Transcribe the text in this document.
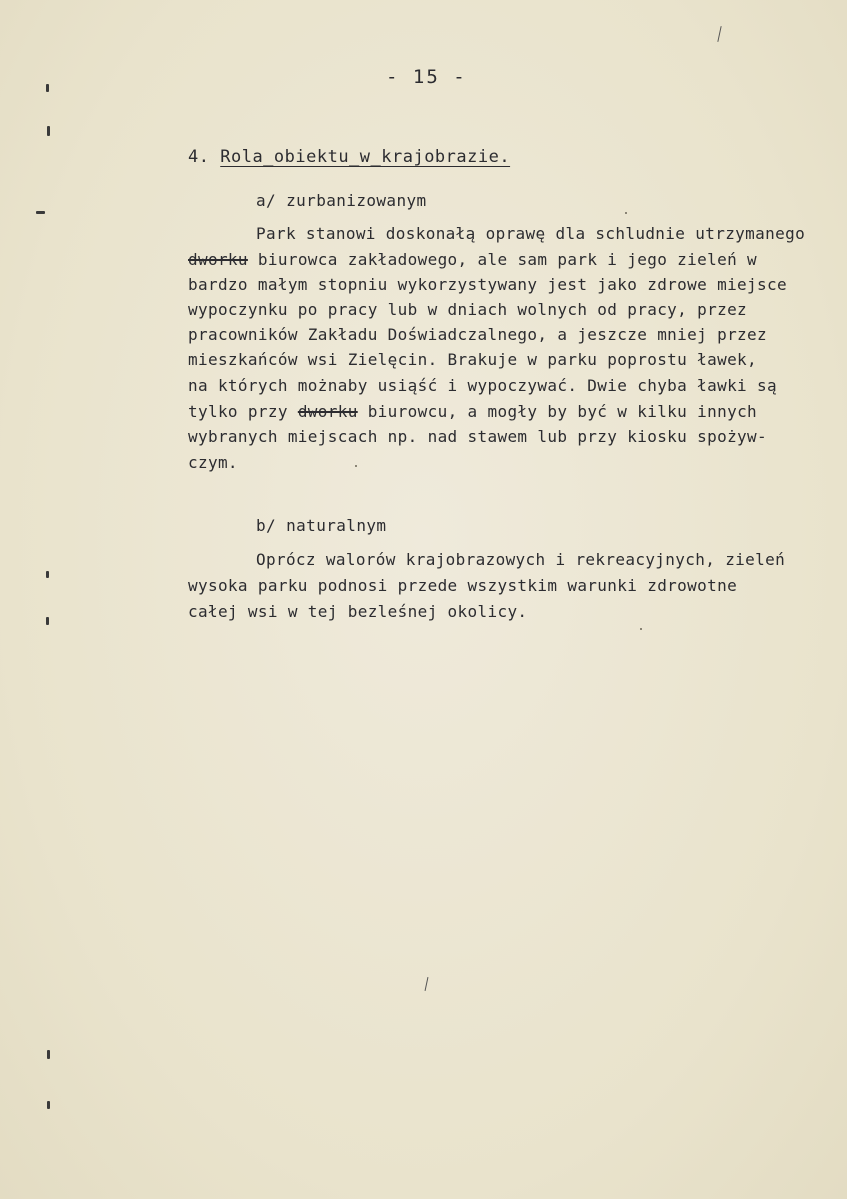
- 15 -
4. Rola_obiektu_w_krajobrazie.
a/ zurbanizowanym
Park stanowi doskonałą oprawę dla schludnie utrzymanego
dworku biurowca zakładowego, ale sam park i jego zieleń w
bardzo małym stopniu wykorzystywany jest jako zdrowe miejsce
wypoczynku po pracy lub w dniach wolnych od pracy, przez
pracowników Zakładu Doświadczalnego, a jeszcze mniej przez
mieszkańców wsi Zielęcin. Brakuje w parku poprostu ławek,
na których możnaby usiąść i wypoczywać. Dwie chyba ławki są
tylko przy dworku biurowcu, a mogły by być w kilku innych
wybranych miejscach np. nad stawem lub przy kiosku spożyw-
czym.
b/ naturalnym
Oprócz walorów krajobrazowych i rekreacyjnych, zieleń
wysoka parku podnosi przede wszystkim warunki zdrowotne
całej wsi w tej bezleśnej okolicy.
